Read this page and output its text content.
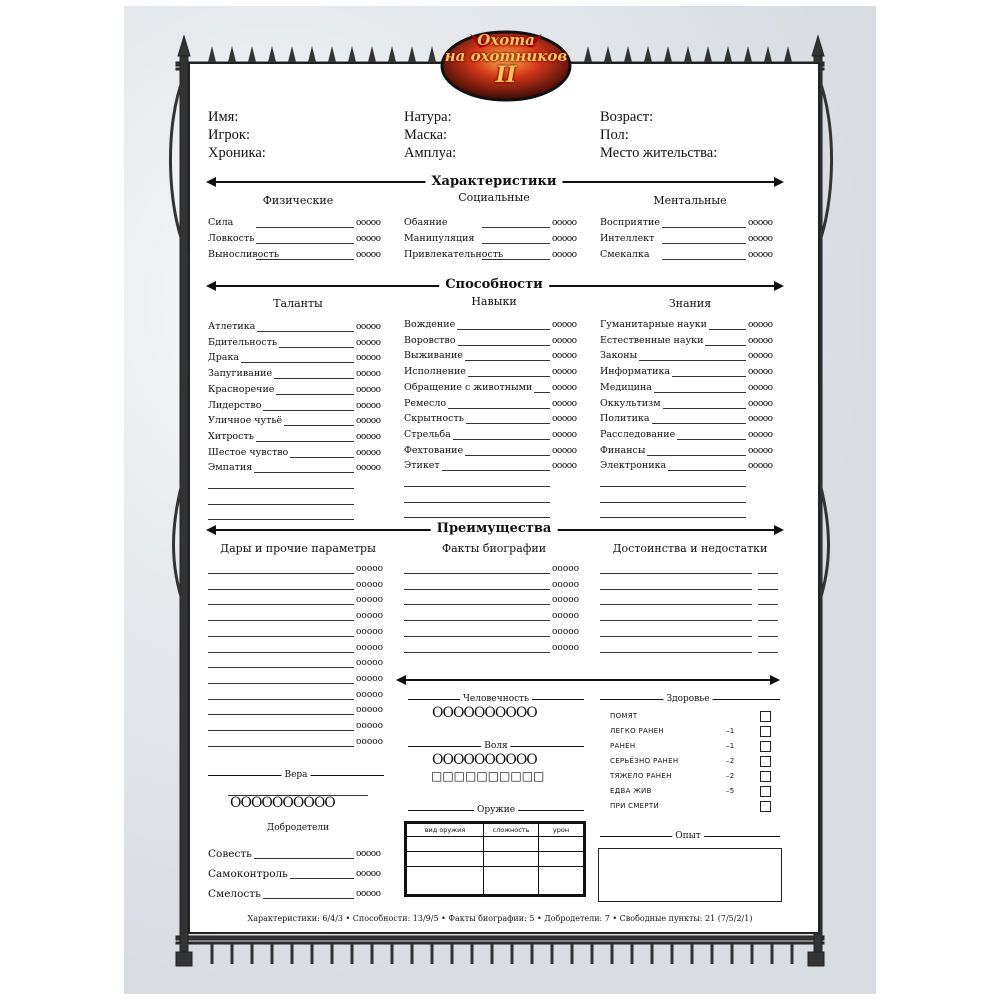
Охота
на охотников
II
Имя:
Игрок:
Хроника:
Натура:
Маска:
Амплуа:
Возраст:
Пол:
Место жительства:
Характеристики
Физические	Социальные	Ментальные
Сила	ooooo
Ловкость	ooooo
Выносливость	ooooo
Обаяние	ooooo
Манипуляция	ooooo
Привлекательность	ooooo
Восприятие	ooooo
Интеллект	ooooo
Смекалка	ooooo
Способности
Таланты	Навыки	Знания
Атлетика	ooooo
Бдительность	ooooo
Драка	ooooo
Запугивание	ooooo
Красноречие	ooooo
Лидерство	ooooo
Уличное чутьё	ooooo
Хитрость	ooooo
Шестое чувство	ooooo
Эмпатия	ooooo
Вождение	ooooo
Воровство	ooooo
Выживание	ooooo
Исполнение	ooooo
Обращение с животными ooooo
Ремесло	ooooo
Скрытность	ooooo
Стрельба	ooooo
Фехтование	ooooo
Этикет	ooooo
Гуманитарные науки	ooooo
Естественные науки	ooooo
Законы	ooooo
Информатика	ooooo
Медицина	ooooo
Оккультизм	ooooo
Политика	ooooo
Расследование	ooooo
Финансы	ooooo
Электроника	ooooo
Преимущества
Дары и прочие параметры	Факты биографии	Достоинства и недостатки
ooooo
ooooo
ooooo
ooooo
ooooo
ooooo
ooooo
ooooo
ooooo
ooooo
ooooo
ooooo
ooooo
ooooo
ooooo
ooooo
ooooo
ooooo
Человечность
OOOOOOOOOO
Воля
OOOOOOOOOO
□□□□□□□□□□
Оружие
вид оружия	сложность	урон

Здоровье
ПОМЯТ
ЛЕГКО РАНЕН	–1
РАНЕН	–1
СЕРЬЁЗНО РАНЕН	–2
ТЯЖЕЛО РАНЕН	–2
ЕДВА ЖИВ	–5
ПРИ СМЕРТИ
Опыт
Вера
OOOOOOOOOO
Добродетели
Совесть	ooooo
Самоконтроль	ooooo
Смелость	ooooo
Характеристики: 6/4/3 • Способности: 13/9/5 • Факты биографии: 5 • Добродетели: 7 • Свободные пункты: 21 (7/5/2/1)
